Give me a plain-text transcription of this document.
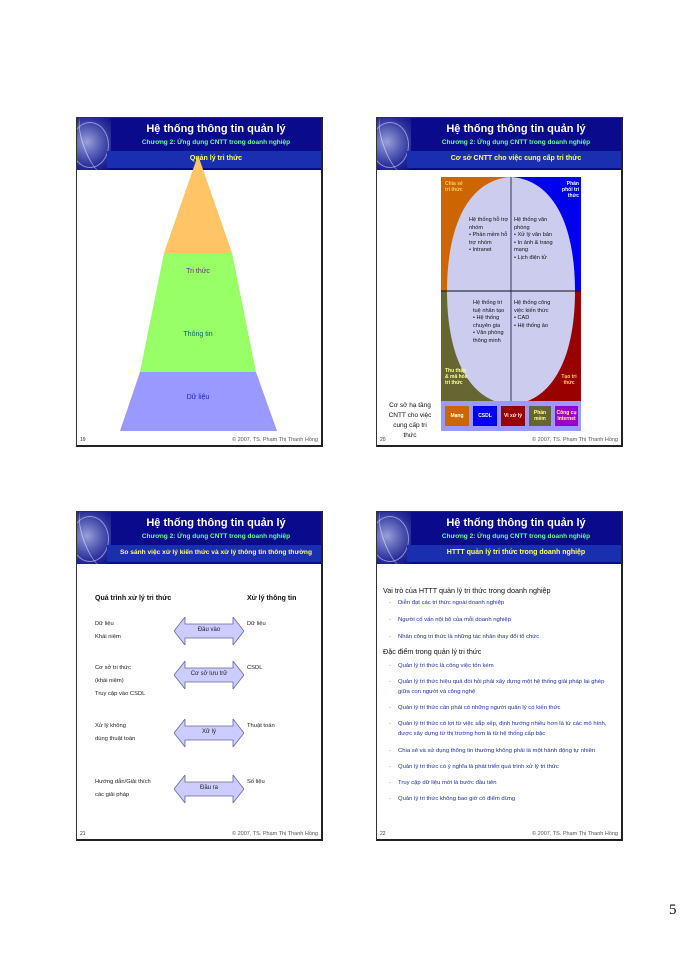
Hệ thống thông tin quản lý
Chương 2: Ứng dụng CNTT trong doanh nghiệp
Quản lý tri thức
Tri thức
Thông tin
Dữ liệu
19	© 2007, TS. Phạm Thị Thanh Hồng
Hệ thống thông tin quản lý
Chương 2: Ứng dụng CNTT trong doanh nghiệp
Cơ sở CNTT cho việc cung cấp tri thức
Chia sẻ tri thức
Phân phối tri thức
Thu thập & mã hóa tri thức
Tạo tri thức
Hệ thống hỗ trợ nhóm
• Phần mềm hỗ trợ nhóm
• Intranet
Hệ thống văn phòng
• Xử lý văn bản
• In ảnh & trang mạng
• Lịch điện tử
Hệ thống trí tuệ nhân tạo
• Hệ thống chuyên gia
• Văn phòng thông minh
Hệ thống công việc kiến thức
• CAD
• Hệ thống ảo
Cơ sở hạ tầng CNTT cho việc cung cấp tri thức
Mạng	CSDL	Vi xử lý	Phần mềm
Công cụ Internet
20	© 2007, TS. Phạm Thị Thanh Hồng
Hệ thống thông tin quản lý
Chương 2: Ứng dụng CNTT trong doanh nghiệp
So sánh việc xử lý kiến thức và xử lý thông tin thông thường
Quá trình xử lý tri thức	Xử lý thông tin
Dữ liệu
Khái niệm
Đầu vào
Dữ liệu
Cơ sở tri thức
(khái niệm)
Truy cập vào CSDL
Cơ sở lưu trữ
CSDL
Xử lý không
dùng thuật toán
Xử lý
Thuật toán
Hướng dẫn/Giải thích
các giải pháp
Đầu ra
Số liệu
21	© 2007, TS. Phạm Thị Thanh Hồng
Hệ thống thông tin quản lý
Chương 2: Ứng dụng CNTT trong doanh nghiệp
HTTT quản lý tri thức trong doanh nghiệp
Vai trò của HTTT quản lý tri thức trong doanh nghiệp
- Diễn đạt các tri thức ngoài doanh nghiệp
- Người cố vấn nội bộ của mỗi doanh nghiệp
- Nhân công tri thức là những tác nhân thay đổi tổ chức
Đặc điểm trong quản lý tri thức
- Quản lý tri thức là công việc tốn kém
- Quản lý tri thức hiệu quả đòi hỏi phải xây dựng một hệ thống giải pháp lai ghép giữa con người và công nghệ
- Quản lý tri thức cần phải có những người quản lý có kiến thức
- Quản lý tri thức có lợi từ việc sắp xếp, định hướng nhiều hơn là từ các mô hình, được xây dựng từ thị trường hơn là từ hệ thống cấp bậc
- Chia sẻ và sử dụng thông tin thường không phải là một hành động tự nhiên
- Quản lý tri thức có ý nghĩa là phát triển quá trình xử lý tri thức
- Truy cập dữ liệu mới là bước đầu tiên
- Quản lý tri thức không bao giờ có điểm dừng
22	© 2007, TS. Phạm Thị Thanh Hồng
5
